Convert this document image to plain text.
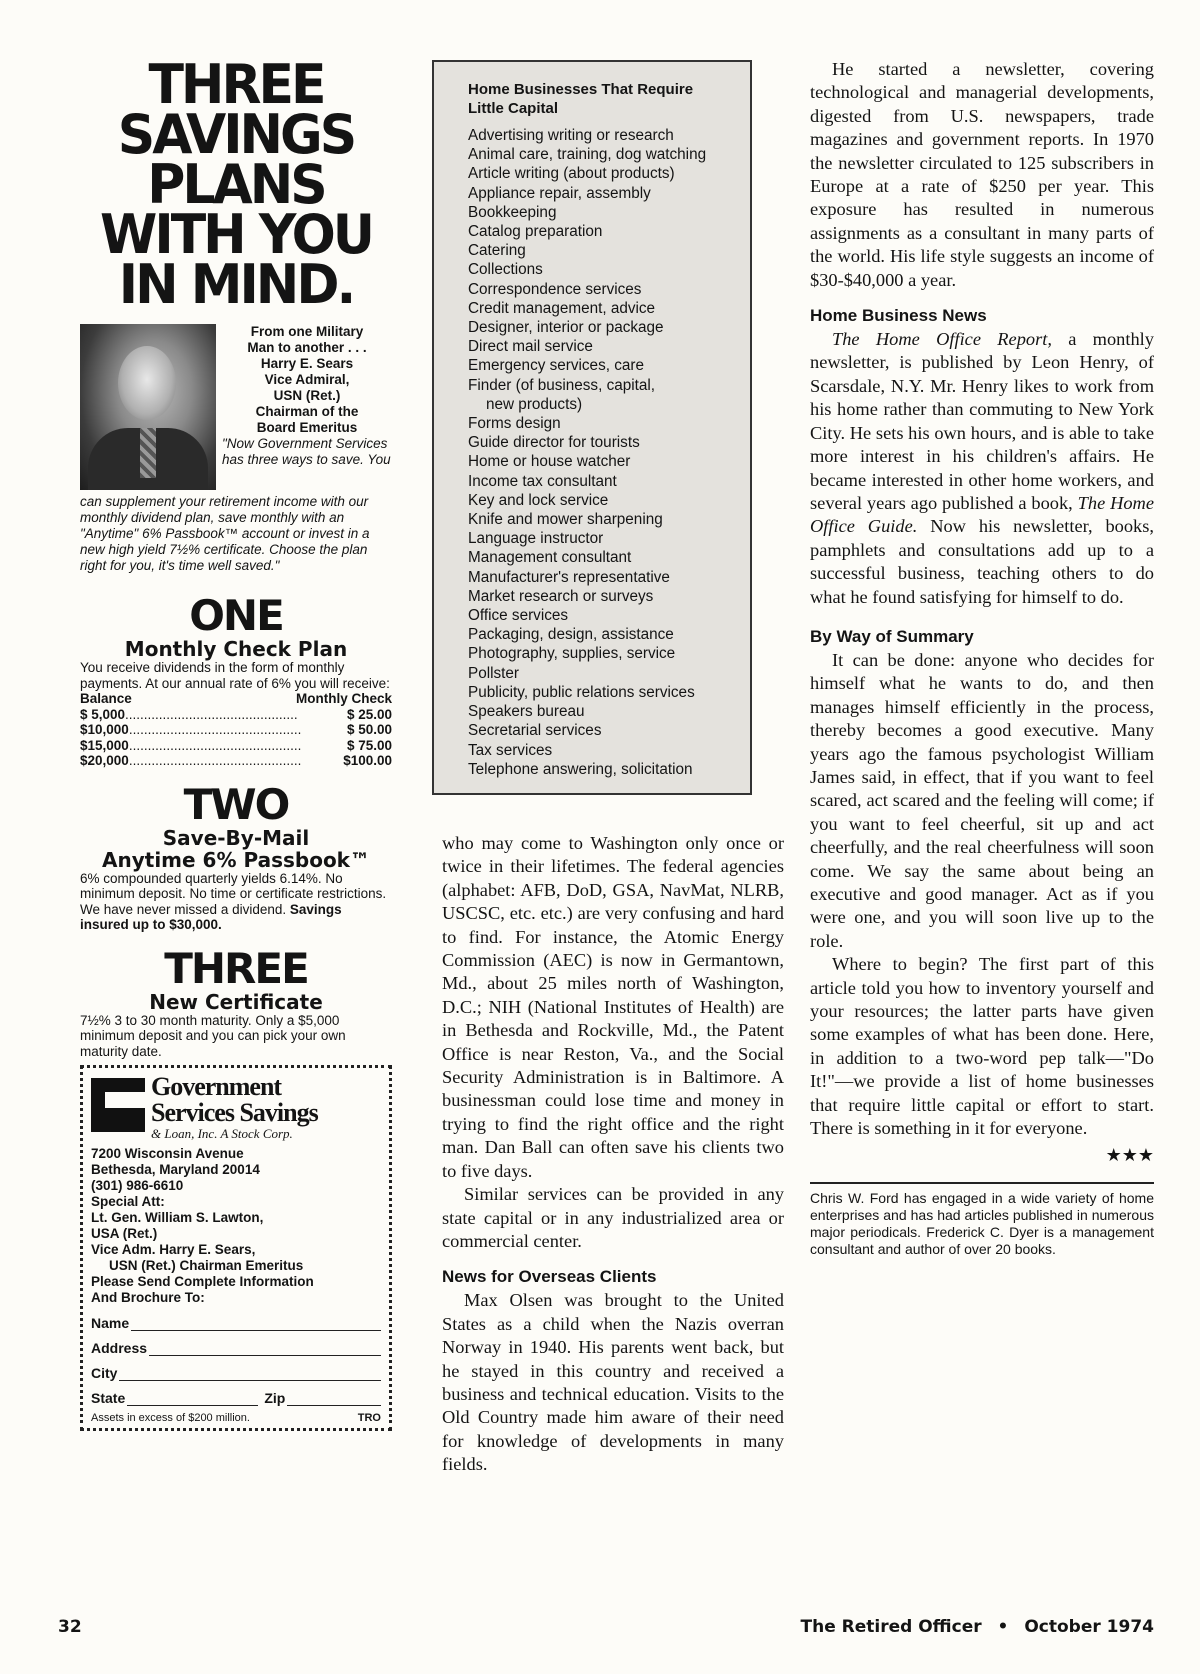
THREE
SAVINGS
PLANS
WITH YOU
IN MIND.
From one Military
Man to another . . .
Harry E. Sears
Vice Admiral,
USN (Ret.)
Chairman of the
Board Emeritus
"Now Government Services has three ways to save. You
can supplement your retirement income with our monthly dividend plan, save monthly with an "Anytime" 6% Passbook™ account or invest in a new high yield 7½% certificate. Choose the plan right for you, it's time well saved."
ONE
Monthly Check Plan
You receive dividends in the form of monthly payments. At our annual rate of 6% you will receive:
Balance	Monthly Check
$ 5,000 ..............................................	$ 25.00
$10,000 ..............................................	$ 50.00
$15,000 ..............................................	$ 75.00
$20,000 ..............................................	$100.00
TWO
Save-By-Mail
Anytime 6% Passbook™
6% compounded quarterly yields 6.14%. No minimum deposit. No time or certificate restrictions. We have never missed a dividend. Savings insured up to $30,000.
THREE
New Certificate
7½% 3 to 30 month maturity. Only a $5,000 minimum deposit and you can pick your own maturity date.
Government
Services Savings
& Loan, Inc. A Stock Corp.
7200 Wisconsin Avenue
Bethesda, Maryland 20014
(301) 986-6610
Special Att:
Lt. Gen. William S. Lawton,
USA (Ret.)
Vice Adm. Harry E. Sears,
USN (Ret.) Chairman Emeritus
Please Send Complete Information
And Brochure To:
Name
Address
City
State	Zip
Assets in excess of $200 million.	TRO
Home Businesses That Require Little Capital
Advertising writing or research
Animal care, training, dog watching
Article writing (about products)
Appliance repair, assembly
Bookkeeping
Catalog preparation
Catering
Collections
Correspondence services
Credit management, advice
Designer, interior or package
Direct mail service
Emergency services, care
Finder (of business, capital,
new products)
Forms design
Guide director for tourists
Home or house watcher
Income tax consultant
Key and lock service
Knife and mower sharpening
Language instructor
Management consultant
Manufacturer's representative
Market research or surveys
Office services
Packaging, design, assistance
Photography, supplies, service
Pollster
Publicity, public relations services
Speakers bureau
Secretarial services
Tax services
Telephone answering, solicitation

who may come to Washington only once or twice in their lifetimes. The federal agencies (alphabet: AFB, DoD, GSA, NavMat, NLRB, USCSC, etc. etc.) are very confusing and hard to find. For instance, the Atomic Energy Commission (AEC) is now in Germantown, Md., about 25 miles north of Washington, D.C.; NIH (National Institutes of Health) are in Bethesda and Rockville, Md., the Patent Office is near Reston, Va., and the Social Security Administration is in Baltimore. A businessman could lose time and money in trying to find the right office and the right man. Dan Ball can often save his clients two to five days.

Similar services can be provided in any state capital or in any industrialized area or commercial center.

News for Overseas Clients

Max Olsen was brought to the United States as a child when the Nazis overran Norway in 1940. His parents went back, but he stayed in this country and received a business and technical education. Visits to the Old Country made him aware of their need for knowledge of developments in many fields.

He started a newsletter, covering technological and managerial developments, digested from U.S. newspapers, trade magazines and government reports. In 1970 the newsletter circulated to 125 subscribers in Europe at a rate of $250 per year. This exposure has resulted in numerous assignments as a consultant in many parts of the world. His life style suggests an income of $30-$40,000 a year.

Home Business News

The Home Office Report, a monthly newsletter, is published by Leon Henry, of Scarsdale, N.Y. Mr. Henry likes to work from his home rather than commuting to New York City. He sets his own hours, and is able to take more interest in his children's affairs. He became interested in other home workers, and several years ago published a book, The Home Office Guide. Now his newsletter, books, pamphlets and consultations add up to a successful business, teaching others to do what he found satisfying for himself to do.

By Way of Summary

It can be done: anyone who decides for himself what he wants to do, and then manages himself efficiently in the process, thereby becomes a good executive. Many years ago the famous psychologist William James said, in effect, that if you want to feel scared, act scared and the feeling will come; if you want to feel cheerful, sit up and act cheerfully, and the real cheerfulness will soon come. We say the same about being an executive and good manager. Act as if you were one, and you will soon live up to the role.

Where to begin? The first part of this article told you how to inventory yourself and your resources; the latter parts have given some examples of what has been done. Here, in addition to a two-word pep talk—"Do It!"—we provide a list of home businesses that require little capital or effort to start. There is something in it for everyone.

★★★
Chris W. Ford has engaged in a wide variety of home enterprises and has had articles published in numerous major periodicals. Frederick C. Dyer is a management consultant and author of over 20 books.
32	The Retired Officer • October 1974
